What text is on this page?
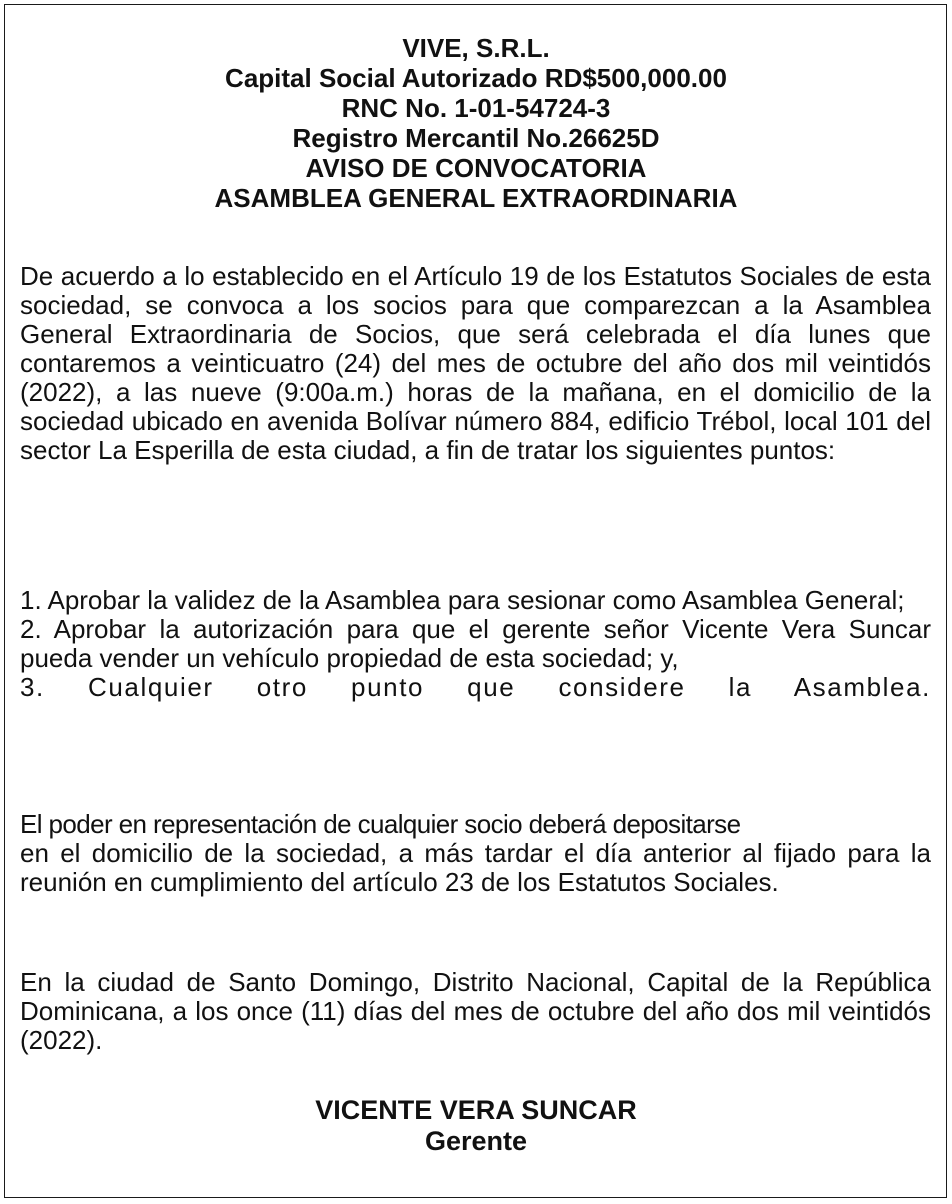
VIVE, S.R.L.
Capital Social Autorizado RD$500,000.00
RNC No. 1-01-54724-3
Registro Mercantil No.26625D
AVISO DE CONVOCATORIA
ASAMBLEA GENERAL EXTRAORDINARIA
De acuerdo a lo establecido en el Artículo 19 de los Estatutos Sociales de esta sociedad, se convoca a los socios para que comparezcan a la Asamblea General Extraordinaria de Socios, que será celebrada el día lunes que contaremos a veinticuatro (24) del mes de octubre del año dos mil veintidós (2022), a las nueve (9:00a.m.) horas de la mañana, en el domicilio de la sociedad ubicado en avenida Bolívar número 884, edificio Trébol, local 101 del sector La Esperilla de esta ciudad, a fin de tratar los siguientes puntos:
1. Aprobar la validez de la Asamblea para sesionar como Asamblea General;
2. Aprobar la autorización para que el gerente señor Vicente Vera Suncar pueda vender un vehículo propiedad de esta sociedad; y,
3. Cualquier otro punto que considere la Asamblea.
El poder en representación de cualquier socio deberá depositarse
en el domicilio de la sociedad, a más tardar el día anterior al fijado para la reunión en cumplimiento del artículo 23 de los Estatutos Sociales.
En la ciudad de Santo Domingo, Distrito Nacional, Capital de la República Dominicana, a los once (11) días del mes de octubre del año dos mil veintidós (2022).
VICENTE VERA SUNCAR
Gerente
